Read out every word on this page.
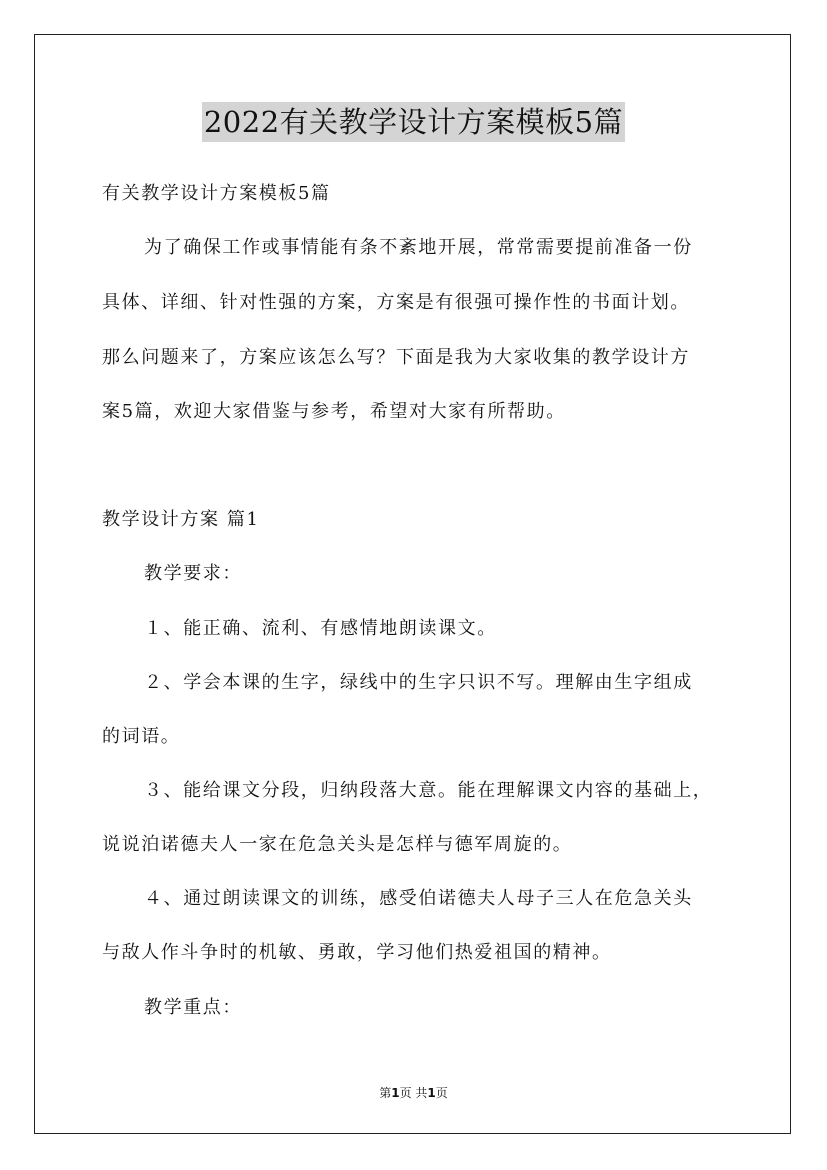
2022有关教学设计方案模板5篇
有关教学设计方案模板5篇
为了确保工作或事情能有条不紊地开展，常常需要提前准备一份
具体、详细、针对性强的方案，方案是有很强可操作性的书面计划。
那么问题来了，方案应该怎么写？下面是我为大家收集的教学设计方
案5篇，欢迎大家借鉴与参考，希望对大家有所帮助。
教学设计方案 篇1
教学要求：
１、能正确、流利、有感情地朗读课文。
２、学会本课的生字，绿线中的生字只识不写。理解由生字组成
的词语。
３、能给课文分段，归纳段落大意。能在理解课文内容的基础上，
说说泊诺德夫人一家在危急关头是怎样与德军周旋的。
４、通过朗读课文的训练，感受伯诺德夫人母子三人在危急关头
与敌人作斗争时的机敏、勇敢，学习他们热爱祖国的精神。
教学重点：
第1页 共1页
